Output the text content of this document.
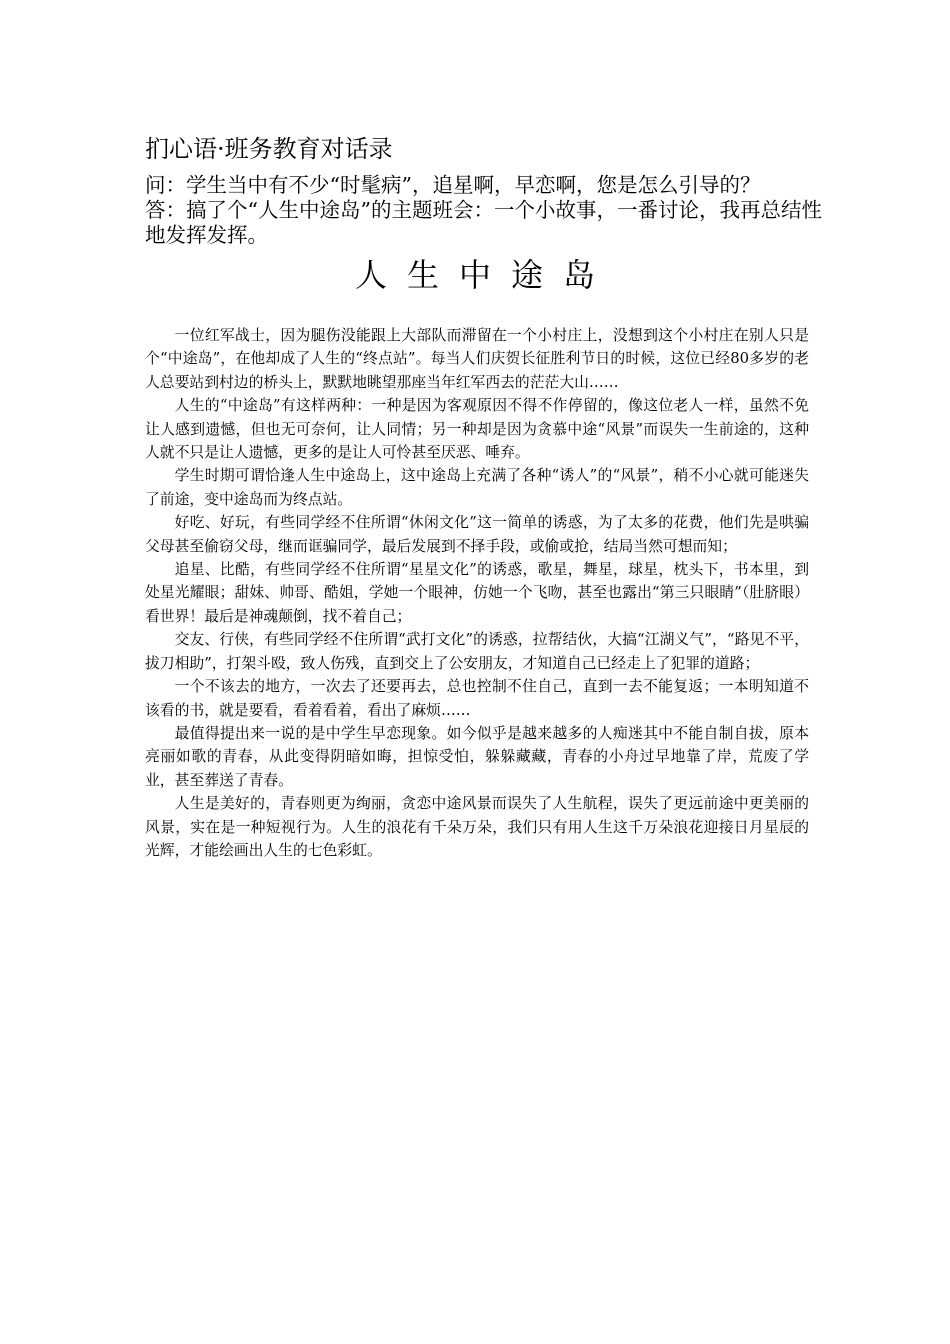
扪心语·班务教育对话录

问：学生当中有不少“时髦病”，追星啊，早恋啊，您是怎么引导的？

答：搞了个“人生中途岛”的主题班会：一个小故事，一番讨论，我再总结性地发挥发挥。

人生中途岛

一位红军战士，因为腿伤没能跟上大部队而滞留在一个小村庄上，没想到这个小村庄在别人只是个“中途岛”，在他却成了人生的“终点站”。每当人们庆贺长征胜利节日的时候，这位已经80多岁的老人总要站到村边的桥头上，默默地眺望那座当年红军西去的茫茫大山……

人生的“中途岛”有这样两种：一种是因为客观原因不得不作停留的，像这位老人一样，虽然不免让人感到遗憾，但也无可奈何，让人同情；另一种却是因为贪慕中途“风景”而误失一生前途的，这种人就不只是让人遗憾，更多的是让人可怜甚至厌恶、唾弃。

学生时期可谓恰逢人生中途岛上，这中途岛上充满了各种“诱人”的“风景”，稍不小心就可能迷失了前途，变中途岛而为终点站。

好吃、好玩，有些同学经不住所谓“休闲文化”这一简单的诱惑，为了太多的花费，他们先是哄骗父母甚至偷窃父母，继而诓骗同学，最后发展到不择手段，或偷或抢，结局当然可想而知；

追星、比酷，有些同学经不住所谓“星星文化”的诱惑，歌星，舞星，球星，枕头下，书本里，到处星光耀眼；甜妹、帅哥、酷姐，学她一个眼神，仿她一个飞吻，甚至也露出“第三只眼睛”（肚脐眼）看世界！最后是神魂颠倒，找不着自己；

交友、行侠，有些同学经不住所谓“武打文化”的诱惑，拉帮结伙，大搞“江湖义气”，“路见不平，拔刀相助”，打架斗殴，致人伤残，直到交上了公安朋友，才知道自己已经走上了犯罪的道路；

一个不该去的地方，一次去了还要再去，总也控制不住自己，直到一去不能复返；一本明知道不该看的书，就是要看，看着看着，看出了麻烦……

最值得提出来一说的是中学生早恋现象。如今似乎是越来越多的人痴迷其中不能自制自拔，原本亮丽如歌的青春，从此变得阴暗如晦，担惊受怕，躲躲藏藏，青春的小舟过早地靠了岸，荒废了学业，甚至葬送了青春。

人生是美好的，青春则更为绚丽，贪恋中途风景而误失了人生航程，误失了更远前途中更美丽的风景，实在是一种短视行为。人生的浪花有千朵万朵，我们只有用人生这千万朵浪花迎接日月星辰的光辉，才能绘画出人生的七色彩虹。
